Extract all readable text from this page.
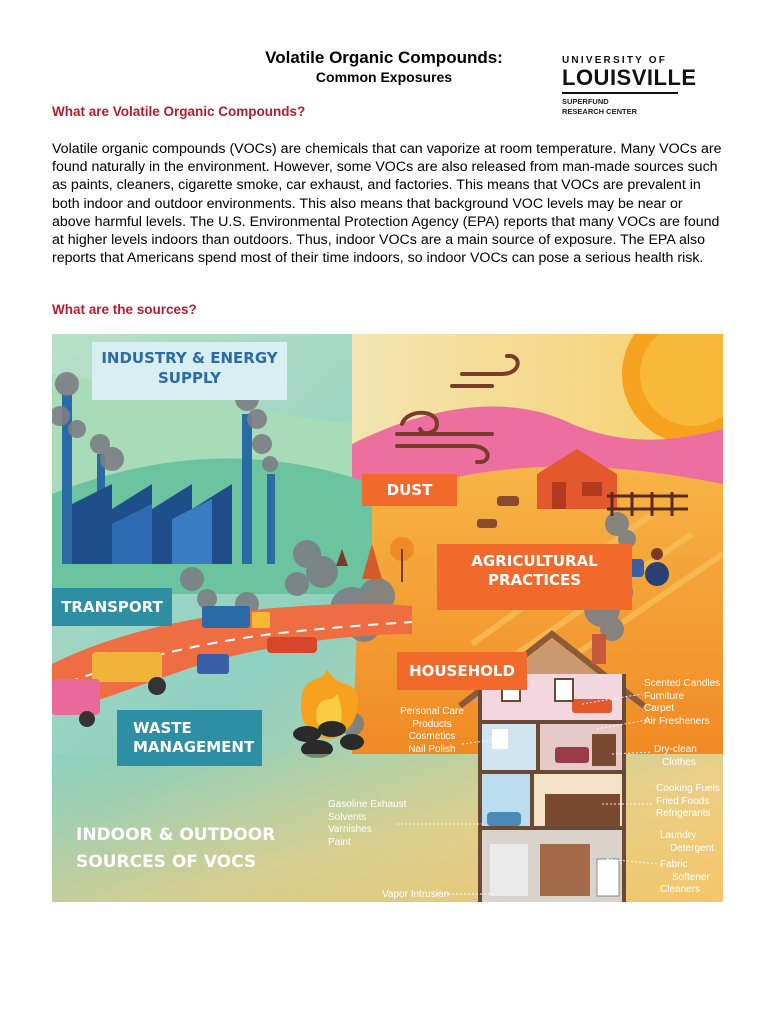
Volatile Organic Compounds:
Common Exposures
UNIVERSITY OF
LOUISVILLE
SUPERFUND
RESEARCH CENTER
What are Volatile Organic Compounds?
Volatile organic compounds (VOCs) are chemicals that can vaporize at room temperature. Many VOCs are found naturally in the environment. However, some VOCs are also released from man-made sources such as paints, cleaners, cigarette smoke, car exhaust, and factories. This means that VOCs are prevalent in both indoor and outdoor environments. This also means that background VOC levels may be near or above harmful levels. The U.S. Environmental Protection Agency (EPA) reports that many VOCs are found at higher levels indoors than outdoors. Thus, indoor VOCs are a main source of exposure. The EPA also reports that Americans spend most of their time indoors, so indoor VOCs can pose a serious health risk.
What are the sources?
INDUSTRY & ENERGY
SUPPLY
DUST
AGRICULTURAL
PRACTICES
TRANSPORT
HOUSEHOLD
WASTE
MANAGEMENT
INDOOR & OUTDOOR
SOURCES OF VOCS
Scented Candles
Furniture
Carpet
Air Fresheners
Dry-clean
Clothes
Cooking Fuels
Fried Foods
Refrigerants
Laundry
Detergent
Fabric
Softener
Cleaners
Personal Care
Products
Cosmetics
Nail Polish
Gasoline Exhaust
Solvents
Varnishes
Paint
Vapor Intrusion
